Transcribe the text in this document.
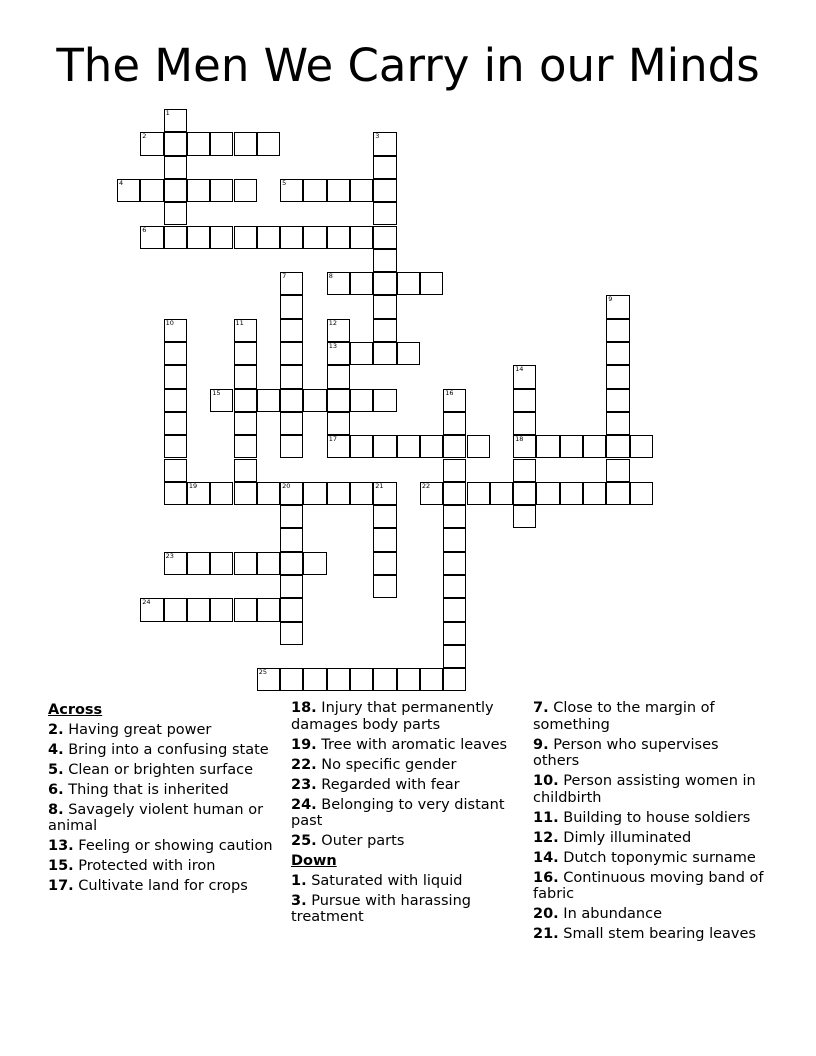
The Men We Carry in our Minds
2
4	5
6
8
13
15
17	18
19	20	21	22
23
24
25
1
3
7
9
10	11	12
14
16
Across
2. Having great power
4. Bring into a confusing state
5. Clean or brighten surface
6. Thing that is inherited
8. Savagely violent human or animal
13. Feeling or showing caution
15. Protected with iron
17. Cultivate land for crops
18. Injury that permanently damages body parts
19. Tree with aromatic leaves
22. No specific gender
23. Regarded with fear
24. Belonging to very distant past
25. Outer parts
Down
1. Saturated with liquid
3. Pursue with harassing treatment
7. Close to the margin of something
9. Person who supervises others
10. Person assisting women in childbirth
11. Building to house soldiers
12. Dimly illuminated
14. Dutch toponymic surname
16. Continuous moving band of fabric
20. In abundance
21. Small stem bearing leaves
